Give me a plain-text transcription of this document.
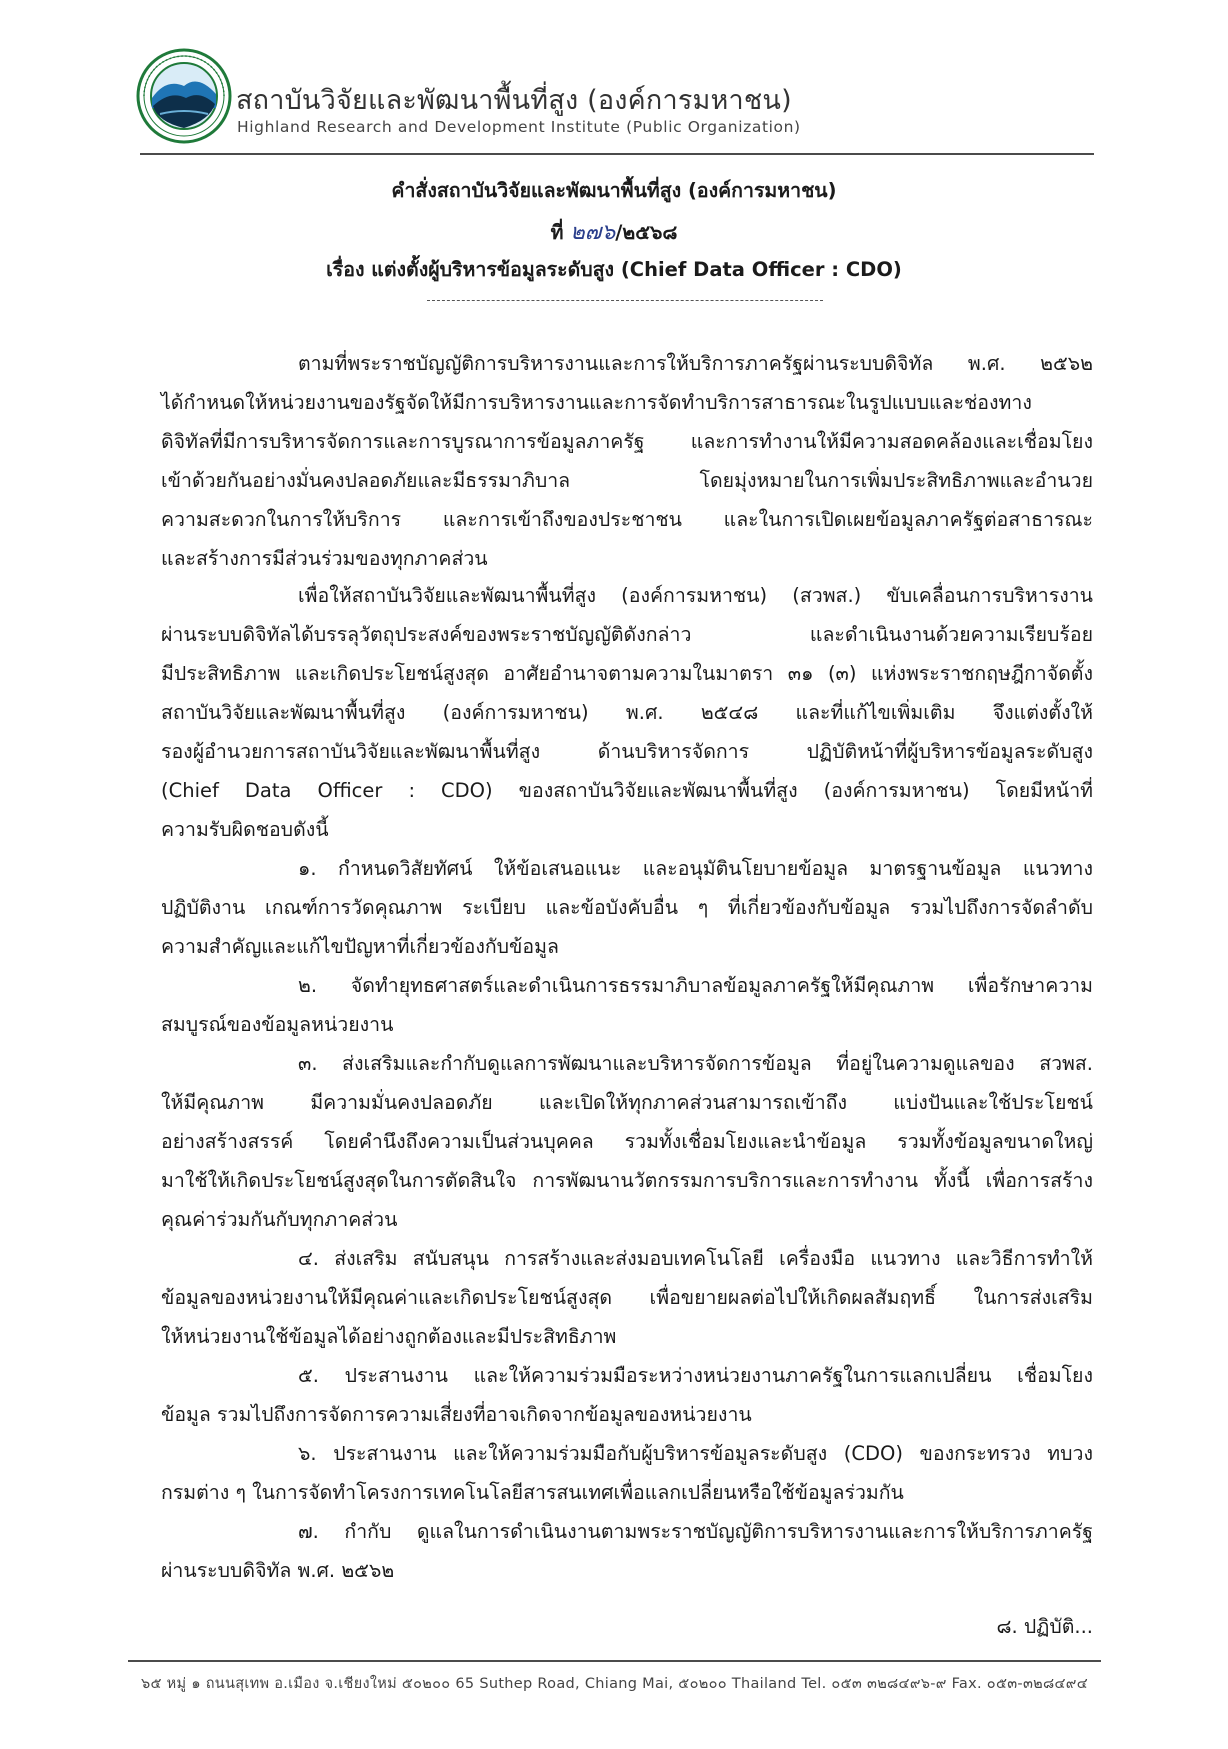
สถาบันวิจัยและพัฒนาพื้นที่สูง (องค์การมหาชน)
Highland Research and Development Institute (Public Organization)
คำสั่งสถาบันวิจัยและพัฒนาพื้นที่สูง (องค์การมหาชน)
ที่ ๒๗๖/๒๕๖๘
เรื่อง แต่งตั้งผู้บริหารข้อมูลระดับสูง (Chief Data Officer : CDO)
ตามที่พระราชบัญญัติการบริหารงานและการให้บริการภาครัฐผ่านระบบดิจิทัล พ.ศ. ๒๕๖๒
ได้กำหนดให้หน่วยงานของรัฐจัดให้มีการบริหารงานและการจัดทำบริการสาธารณะในรูปแบบและช่องทาง
ดิจิทัลที่มีการบริหารจัดการและการบูรณาการข้อมูลภาครัฐ และการทำงานให้มีความสอดคล้องและเชื่อมโยง
เข้าด้วยกันอย่างมั่นคงปลอดภัยและมีธรรมาภิบาล โดยมุ่งหมายในการเพิ่มประสิทธิภาพและอำนวย
ความสะดวกในการให้บริการ และการเข้าถึงของประชาชน และในการเปิดเผยข้อมูลภาครัฐต่อสาธารณะ
และสร้างการมีส่วนร่วมของทุกภาคส่วน
เพื่อให้สถาบันวิจัยและพัฒนาพื้นที่สูง (องค์การมหาชน) (สวพส.) ขับเคลื่อนการบริหารงาน
ผ่านระบบดิจิทัลได้บรรลุวัตถุประสงค์ของพระราชบัญญัติดังกล่าว และดำเนินงานด้วยความเรียบร้อย
มีประสิทธิภาพ และเกิดประโยชน์สูงสุด อาศัยอำนาจตามความในมาตรา ๓๑ (๓) แห่งพระราชกฤษฎีกาจัดตั้ง
สถาบันวิจัยและพัฒนาพื้นที่สูง (องค์การมหาชน) พ.ศ. ๒๕๔๘ และที่แก้ไขเพิ่มเติม จึงแต่งตั้งให้
รองผู้อำนวยการสถาบันวิจัยและพัฒนาพื้นที่สูง ด้านบริหารจัดการ ปฏิบัติหน้าที่ผู้บริหารข้อมูลระดับสูง
(Chief Data Officer : CDO) ของสถาบันวิจัยและพัฒนาพื้นที่สูง (องค์การมหาชน) โดยมีหน้าที่
ความรับผิดชอบดังนี้
๑. กำหนดวิสัยทัศน์ ให้ข้อเสนอแนะ และอนุมัตินโยบายข้อมูล มาตรฐานข้อมูล แนวทาง
ปฏิบัติงาน เกณฑ์การวัดคุณภาพ ระเบียบ และข้อบังคับอื่น ๆ ที่เกี่ยวข้องกับข้อมูล รวมไปถึงการจัดลำดับ
ความสำคัญและแก้ไขปัญหาที่เกี่ยวข้องกับข้อมูล
๒. จัดทำยุทธศาสตร์และดำเนินการธรรมาภิบาลข้อมูลภาครัฐให้มีคุณภาพ เพื่อรักษาความ
สมบูรณ์ของข้อมูลหน่วยงาน
๓. ส่งเสริมและกำกับดูแลการพัฒนาและบริหารจัดการข้อมูล ที่อยู่ในความดูแลของ สวพส.
ให้มีคุณภาพ มีความมั่นคงปลอดภัย และเปิดให้ทุกภาคส่วนสามารถเข้าถึง แบ่งปันและใช้ประโยชน์
อย่างสร้างสรรค์ โดยคำนึงถึงความเป็นส่วนบุคคล รวมทั้งเชื่อมโยงและนำข้อมูล รวมทั้งข้อมูลขนาดใหญ่
มาใช้ให้เกิดประโยชน์สูงสุดในการตัดสินใจ การพัฒนานวัตกรรมการบริการและการทำงาน ทั้งนี้ เพื่อการสร้าง
คุณค่าร่วมกันกับทุกภาคส่วน
๔. ส่งเสริม สนับสนุน การสร้างและส่งมอบเทคโนโลยี เครื่องมือ แนวทาง และวิธีการทำให้
ข้อมูลของหน่วยงานให้มีคุณค่าและเกิดประโยชน์สูงสุด เพื่อขยายผลต่อไปให้เกิดผลสัมฤทธิ์ ในการส่งเสริม
ให้หน่วยงานใช้ข้อมูลได้อย่างถูกต้องและมีประสิทธิภาพ
๕. ประสานงาน และให้ความร่วมมือระหว่างหน่วยงานภาครัฐในการแลกเปลี่ยน เชื่อมโยง
ข้อมูล รวมไปถึงการจัดการความเสี่ยงที่อาจเกิดจากข้อมูลของหน่วยงาน
๖. ประสานงาน และให้ความร่วมมือกับผู้บริหารข้อมูลระดับสูง (CDO) ของกระทรวง ทบวง
กรมต่าง ๆ ในการจัดทำโครงการเทคโนโลยีสารสนเทศเพื่อแลกเปลี่ยนหรือใช้ข้อมูลร่วมกัน
๗. กำกับ ดูแลในการดำเนินงานตามพระราชบัญญัติการบริหารงานและการให้บริการภาครัฐ
ผ่านระบบดิจิทัล พ.ศ. ๒๕๖๒
๘. ปฏิบัติ...
๖๕ หมู่ ๑ ถนนสุเทพ อ.เมือง จ.เชียงใหม่ ๕๐๒๐๐ 65 Suthep Road, Chiang Mai, ๕๐๒๐๐ Thailand Tel. ๐๕๓ ๓๒๘๔๙๖-๙ Fax. ๐๕๓-๓๒๘๔๙๔
